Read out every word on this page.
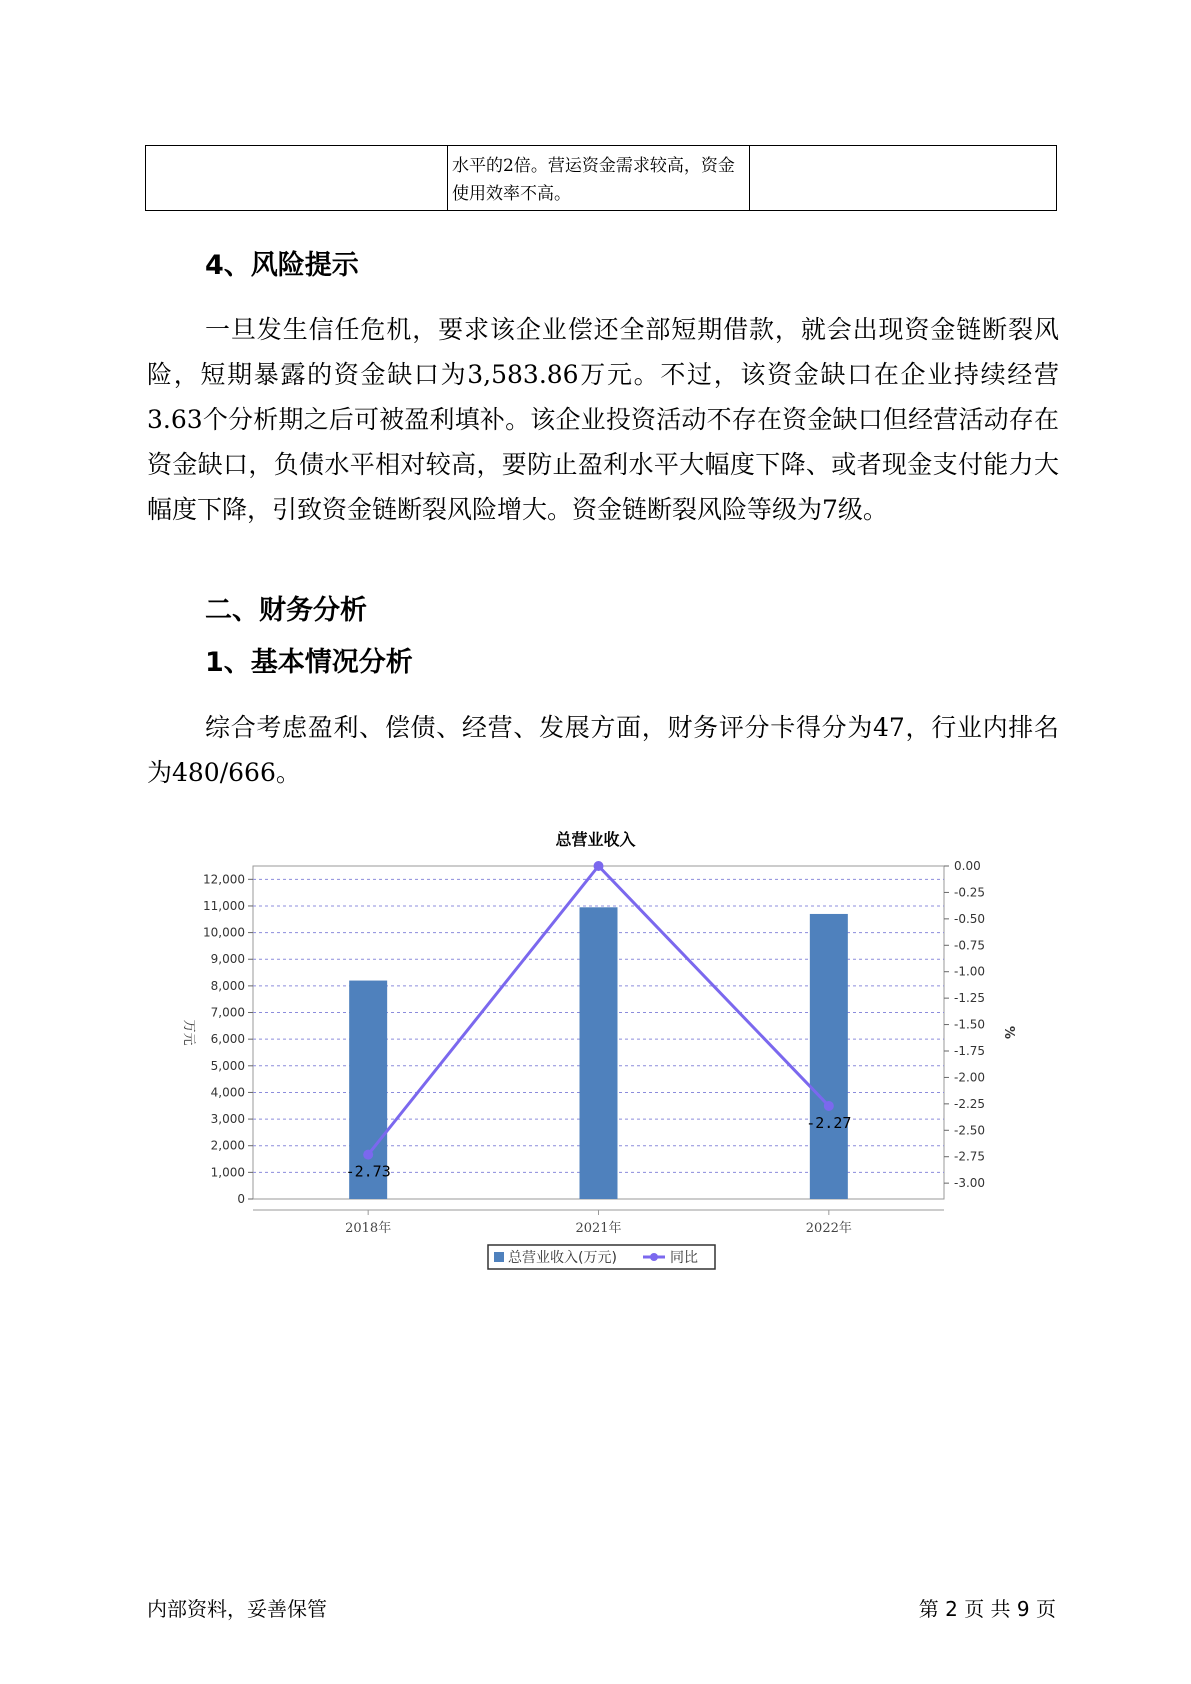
	水平的2倍。营运资金需求较高，资金使用效率不高。	
4、风险提示
一旦发生信任危机，要求该企业偿还全部短期借款，就会出现资金链断裂风险，短期暴露的资金缺口为3,583.86万元。不过，该资金缺口在企业持续经营 3.63个分析期之后可被盈利填补。该企业投资活动不存在资金缺口但经营活动存在资金缺口，负债水平相对较高，要防止盈利水平大幅度下降、或者现金支付能力大幅度下降，引致资金链断裂风险增大。资金链断裂风险等级为7级。
二、财务分析
1、基本情况分析
综合考虑盈利、偿债、经营、发展方面，财务评分卡得分为47，行业内排名为480/666。
总营业收入
0
1,000
2,000
3,000
4,000
5,000
6,000
7,000
8,000
9,000
10,000
11,000
12,000
0.00
-0.25
-0.50
-0.75
-1.00
-1.25
-1.50
-1.75
-2.00
-2.25
-2.50
-2.75
-3.00
万元	%
2018年	2021年	2022年
-2.73
-2.27
总营业收入(万元)	同比
内部资料，妥善保管	第 2 页 共 9 页
